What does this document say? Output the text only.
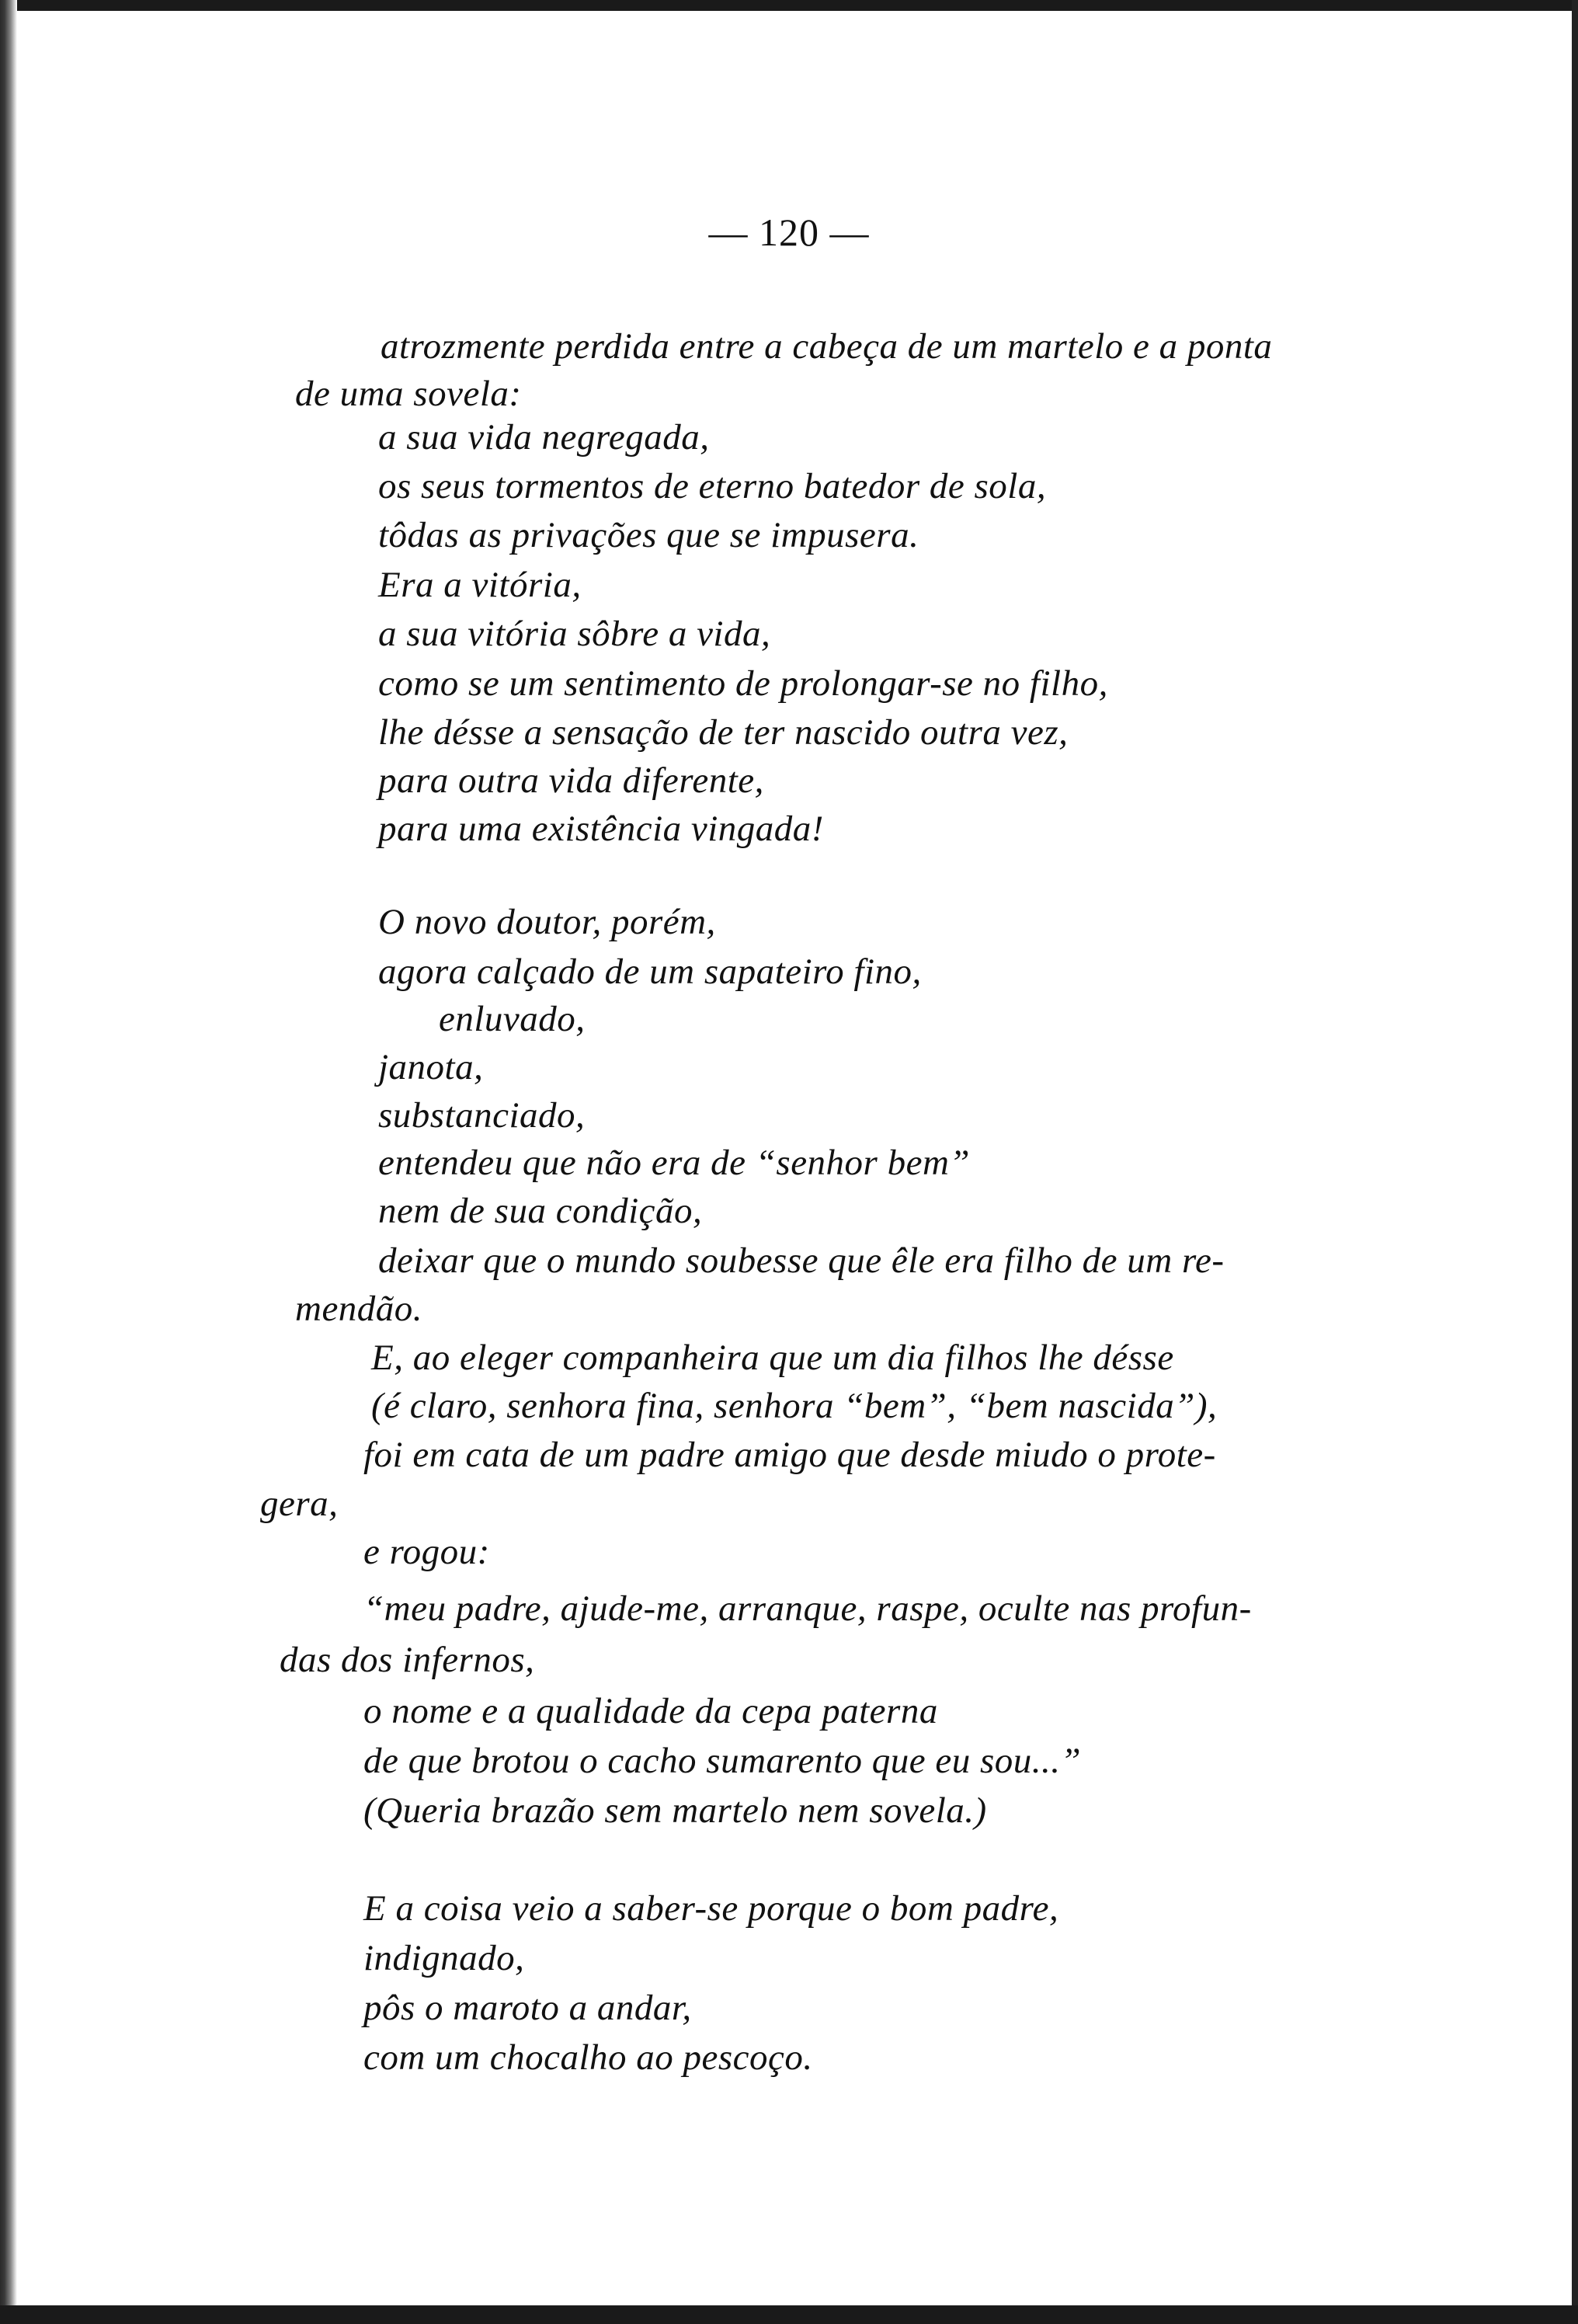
— 120 —
atrozmente perdida entre a cabeça de um martelo e a ponta
de uma sovela:
a sua vida negregada,
os seus tormentos de eterno batedor de sola,
tôdas as privações que se impusera.
Era a vitória,
a sua vitória sôbre a vida,
como se um sentimento de prolongar-se no filho,
lhe désse a sensação de ter nascido outra vez,
para outra vida diferente,
para uma existência vingada!
O novo doutor, porém,
agora calçado de um sapateiro fino,
enluvado,
janota,
substanciado,
entendeu que não era de “senhor bem”
nem de sua condição,
deixar que o mundo soubesse que êle era filho de um re-
mendão.
E, ao eleger companheira que um dia filhos lhe désse
(é claro, senhora fina, senhora “bem”, “bem nascida”),
foi em cata de um padre amigo que desde miudo o prote-
gera,
e rogou:
“meu padre, ajude-me, arranque, raspe, oculte nas profun-
das dos infernos,
o nome e a qualidade da cepa paterna
de que brotou o cacho sumarento que eu sou...”
(Queria brazão sem martelo nem sovela.)
E a coisa veio a saber-se porque o bom padre,
indignado,
pôs o maroto a andar,
com um chocalho ao pescoço.
